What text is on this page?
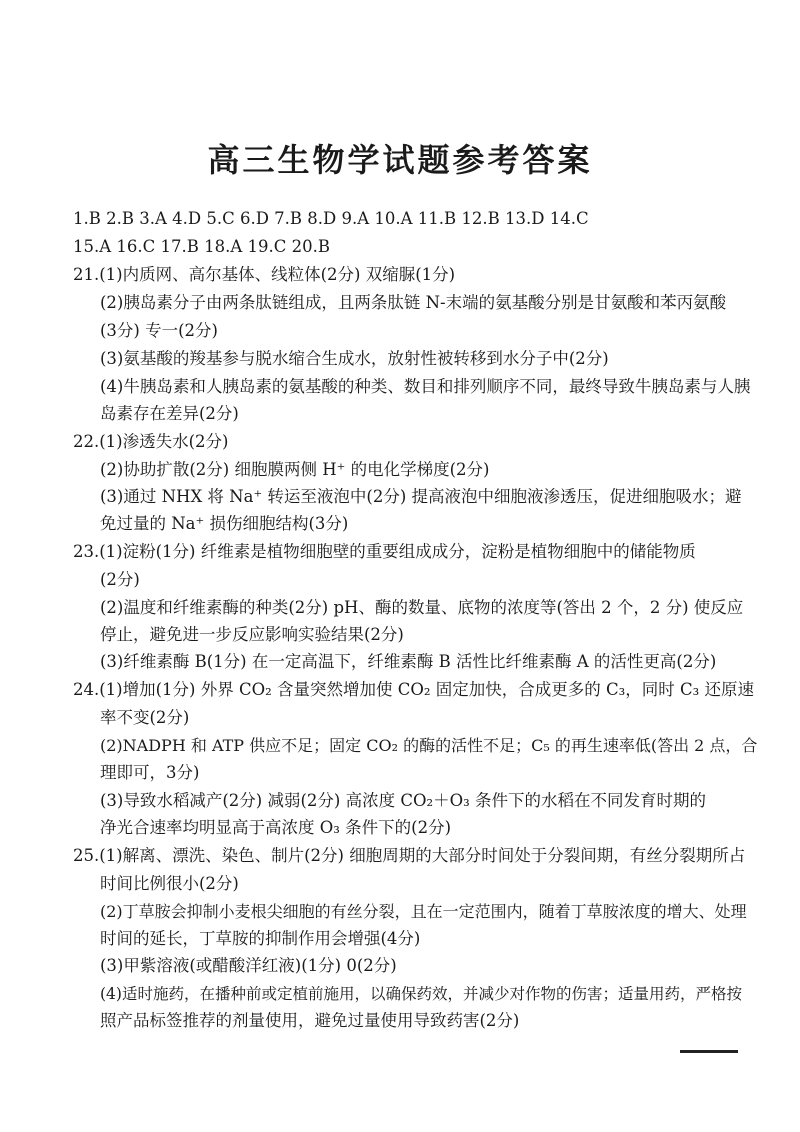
高三生物学试题参考答案
1.B 2.B 3.A 4.D 5.C 6.D 7.B 8.D 9.A 10.A 11.B 12.B 13.D 14.C
15.A 16.C 17.B 18.A 19.C 20.B
21.(1)内质网、高尔基体、线粒体(2分) 双缩脲(1分)
(2)胰岛素分子由两条肽链组成，且两条肽链 N-末端的氨基酸分别是甘氨酸和苯丙氨酸
(3分) 专一(2分)
(3)氨基酸的羧基参与脱水缩合生成水，放射性被转移到水分子中(2分)
(4)牛胰岛素和人胰岛素的氨基酸的种类、数目和排列顺序不同，最终导致牛胰岛素与人胰
岛素存在差异(2分)
22.(1)渗透失水(2分)
(2)协助扩散(2分) 细胞膜两侧 H⁺ 的电化学梯度(2分)
(3)通过 NHX 将 Na⁺ 转运至液泡中(2分) 提高液泡中细胞液渗透压，促进细胞吸水；避
免过量的 Na⁺ 损伤细胞结构(3分)
23.(1)淀粉(1分) 纤维素是植物细胞壁的重要组成成分，淀粉是植物细胞中的储能物质
(2分)
(2)温度和纤维素酶的种类(2分) pH、酶的数量、底物的浓度等(答出 2 个，2 分) 使反应
停止，避免进一步反应影响实验结果(2分)
(3)纤维素酶 B(1分) 在一定高温下，纤维素酶 B 活性比纤维素酶 A 的活性更高(2分)
24.(1)增加(1分) 外界 CO₂ 含量突然增加使 CO₂ 固定加快，合成更多的 C₃，同时 C₃ 还原速
率不变(2分)
(2)NADPH 和 ATP 供应不足；固定 CO₂ 的酶的活性不足；C₅ 的再生速率低(答出 2 点，合
理即可，3分)
(3)导致水稻减产(2分) 减弱(2分) 高浓度 CO₂＋O₃ 条件下的水稻在不同发育时期的
净光合速率均明显高于高浓度 O₃ 条件下的(2分)
25.(1)解离、漂洗、染色、制片(2分) 细胞周期的大部分时间处于分裂间期，有丝分裂期所占
时间比例很小(2分)
(2)丁草胺会抑制小麦根尖细胞的有丝分裂，且在一定范围内，随着丁草胺浓度的增大、处理
时间的延长，丁草胺的抑制作用会增强(4分)
(3)甲紫溶液(或醋酸洋红液)(1分) 0(2分)
(4)适时施药，在播种前或定植前施用，以确保药效，并减少对作物的伤害；适量用药，严格按
照产品标签推荐的剂量使用，避免过量使用导致药害(2分)
